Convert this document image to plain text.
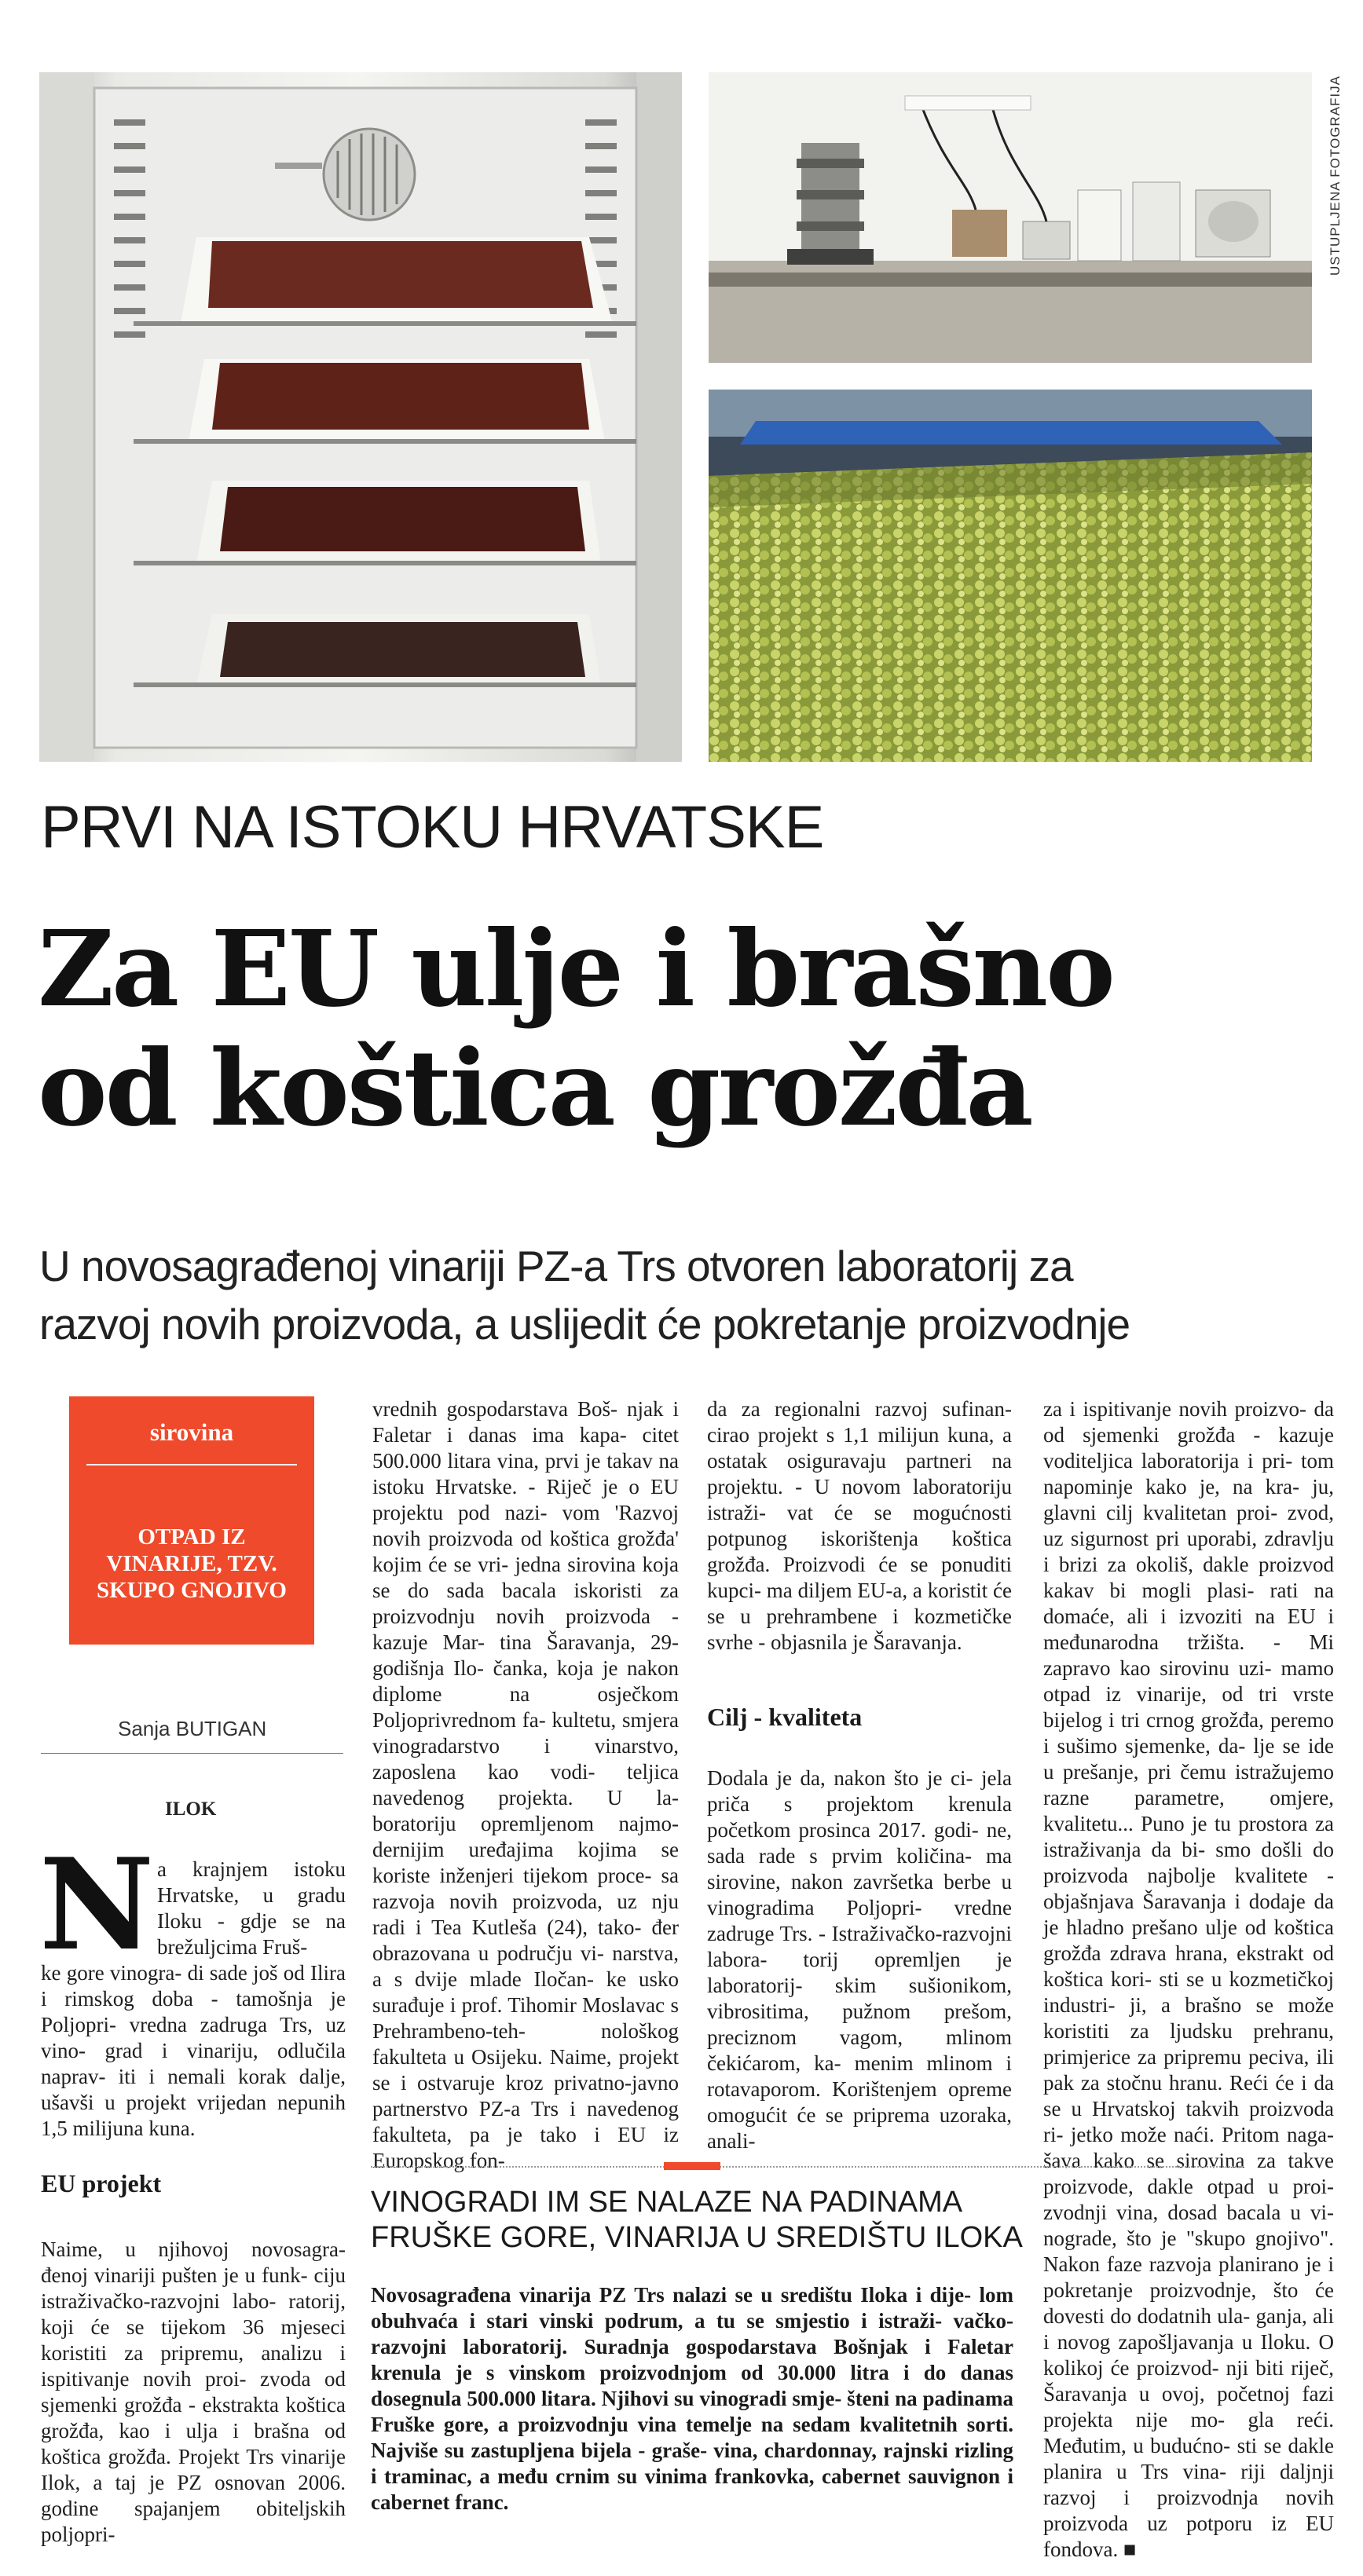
USTUPLJENA FOTOGRAFIJA
PRVI NA ISTOKU HRVATSKE
Za EU ulje i brašno
od koštica grožđa
U novosagrađenoj vinariji PZ-a Trs otvoren laboratorij za
razvoj novih proizvoda, a uslijedit će pokretanje proizvodnje
sirovina
OTPAD IZ VINARIJE, TZV. SKUPO GNOJIVO
Sanja BUTIGAN
ILOK
N a krajnjem istoku Hrvatske, u gradu Iloku - gdje se na brežuljcima Fruš-

ke gore vinogra- di sade još od Ilira i rimskog doba - tamošnja je Poljopri- vredna zadruga Trs, uz vino- grad i vinariju, odlučila naprav- iti i nemali korak dalje, ušavši u projekt vrijedan nepunih 1,5 milijuna kuna.

EU projekt

Naime, u njihovoj novosagra- đenoj vinariji pušten je u funk- ciju istraživačko-razvojni labo- ratorij, koji će se tijekom 36 mjeseci koristiti za pripremu, analizu i ispitivanje novih proi- zvoda od sjemenki grožđa - ekstrakta koštica grožđa, kao i ulja i brašna od koštica grožđa. Projekt Trs vinarije Ilok, a taj je PZ osnovan 2006. godine spajanjem obiteljskih poljopri-

vrednih gospodarstava Boš- njak i Faletar i danas ima kapa- citet 500.000 litara vina, prvi je takav na istoku Hrvatske. - Riječ je o EU projektu pod nazi- vom 'Razvoj novih proizvoda od koštica grožđa' kojim će se vri- jedna sirovina koja se do sada bacala iskoristi za proizvodnju novih proizvoda - kazuje Mar- tina Šaravanja, 29-godišnja Ilo- čanka, koja je nakon diplome na osječkom Poljoprivrednom fa- kultetu, smjera vinogradarstvo i vinarstvo, zaposlena kao vodi- teljica navedenog projekta. U la- boratoriju opremljenom najmo- dernijim uređajima kojima se koriste inženjeri tijekom proce- sa razvoja novih proizvoda, uz nju radi i Tea Kutleša (24), tako- đer obrazovana u području vi- narstva, a s dvije mlade Iločan- ke usko surađuje i prof. Tihomir Moslavac s Prehrambeno-teh- nološkog fakulteta u Osijeku. Naime, projekt se i ostvaruje kroz privatno-javno partnerstvo PZ-a Trs i navedenog fakulteta, pa je tako i EU iz Europskog fon-

da za regionalni razvoj sufinan- cirao projekt s 1,1 milijun kuna, a ostatak osiguravaju partneri na projektu. - U novom laboratoriju istraži- vat će se mogućnosti potpunog iskorištenja koštica grožđa. Proizvodi će se ponuditi kupci- ma diljem EU-a, a koristit će se u prehrambene i kozmetičke svrhe - objasnila je Šaravanja.

Cilj - kvaliteta

Dodala je da, nakon što je ci- jela priča s projektom krenula početkom prosinca 2017. godi- ne, sada rade s prvim količina- ma sirovine, nakon završetka berbe u vinogradima Poljopri- vredne zadruge Trs. - Istraživačko-razvojni labora- torij opremljen je laboratorij- skim sušionikom, vibrositima, pužnom prešom, preciznom vagom, mlinom čekićarom, ka- menim mlinom i rotavaporom. Korištenjem opreme omogućit će se priprema uzoraka, anali-

za i ispitivanje novih proizvo- da od sjemenki grožđa - kazuje voditeljica laboratorija i pri- tom napominje kako je, na kra- ju, glavni cilj kvalitetan proi- zvod, uz sigurnost pri uporabi, zdravlju i brizi za okoliš, dakle proizvod kakav bi mogli plasi- rati na domaće, ali i izvoziti na EU i međunarodna tržišta. - Mi zapravo kao sirovinu uzi- mamo otpad iz vinarije, od tri vrste bijelog i tri crnog grožđa, peremo i sušimo sjemenke, da- lje se ide u prešanje, pri čemu istražujemo razne parametre, omjere, kvalitetu... Puno je tu prostora za istraživanja da bi- smo došli do proizvoda najbolje kvalitete - objašnjava Šaravanja i dodaje da je hladno prešano ulje od koštica grožđa zdrava hrana, ekstrakt od koštica kori- sti se u kozmetičkoj industri- ji, a brašno se može koristiti za ljudsku prehranu, primjerice za pripremu peciva, ili pak za stočnu hranu. Reći će i da se u Hrvatskoj takvih proizvoda ri- jetko može naći. Pritom naga- šava kako se sirovina za takve proizvode, dakle otpad u proi- zvodnji vina, dosad bacala u vi- nograde, što je "skupo gnojivo". Nakon faze razvoja planirano je i pokretanje proizvodnje, što će dovesti do dodatnih ula- ganja, ali i novog zapošljavanja u Iloku. O kolikoj će proizvod- nji biti riječ, Šaravanja u ovoj, početnoj fazi projekta nije mo- gla reći. Međutim, u budućno- sti se dakle planira u Trs vina- riji daljnji razvoj i proizvodnja novih proizvoda uz potporu iz EU fondova. ■

VINOGRADI IM SE NALAZE NA PADINAMA FRUŠKE GORE, VINARIJA U SREDIŠTU ILOKA
Novosagrađena vinarija PZ Trs nalazi se u središtu Iloka i dije- lom obuhvaća i stari vinski podrum, a tu se smjestio i istraži- vačko-razvojni laboratorij. Suradnja gospodarstava Bošnjak i Faletar krenula je s vinskom proizvodnjom od 30.000 litra i do danas dosegnula 500.000 litara. Njihovi su vinogradi smje- šteni na padinama Fruške gore, a proizvodnju vina temelje na sedam kvalitetnih sorti. Najviše su zastupljena bijela - graše- vina, chardonnay, rajnski rizling i traminac, a među crnim su vinima frankovka, cabernet sauvignon i cabernet franc.
